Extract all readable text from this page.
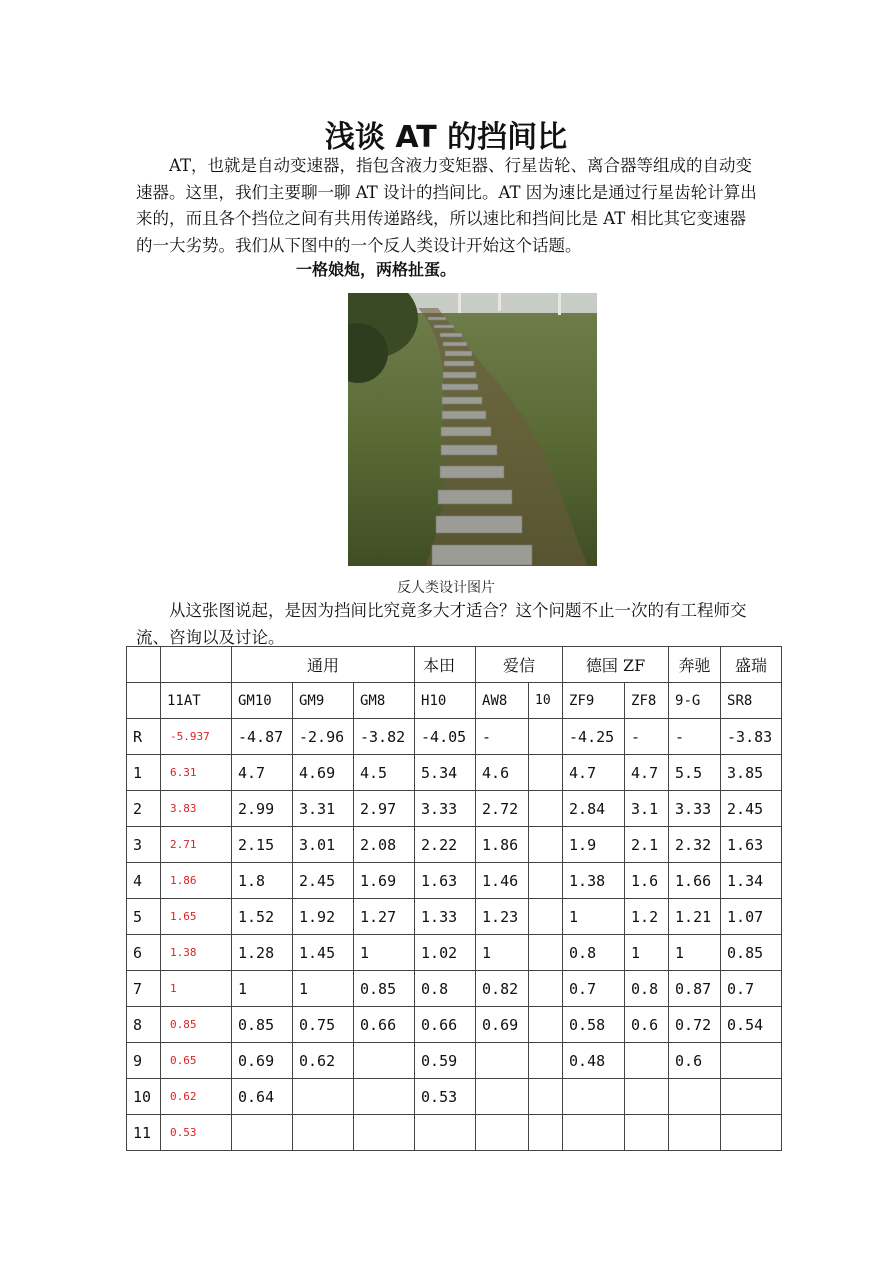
浅谈 AT 的挡间比

AT，也就是自动变速器，指包含液力变矩器、行星齿轮、离合器等组成的自动变速器。这里，我们主要聊一聊 AT 设计的挡间比。AT 因为速比是通过行星齿轮计算出来的，而且各个挡位之间有共用传递路线，所以速比和挡间比是 AT 相比其它变速器的一大劣势。我们从下图中的一个反人类设计开始这个话题。

一格娘炮，两格扯蛋。

反人类设计图片

从这张图说起，是因为挡间比究竟多大才适合？这个问题不止一次的有工程师交流、咨询以及讨论。

		通用			本田	爱信		德国 ZF		奔驰	盛瑞
	11AT	GM10	GM9	GM8	H10	AW8	10	ZF9	ZF8	9-G	SR8
R	-5.937	-4.87	-2.96	-3.82	-4.05	-		-4.25	-	-	-3.83
1	6.31	4.7	4.69	4.5	5.34	4.6		4.7	4.7	5.5	3.85
2	3.83	2.99	3.31	2.97	3.33	2.72		2.84	3.1	3.33	2.45
3	2.71	2.15	3.01	2.08	2.22	1.86		1.9	2.1	2.32	1.63
4	1.86	1.8	2.45	1.69	1.63	1.46		1.38	1.6	1.66	1.34
5	1.65	1.52	1.92	1.27	1.33	1.23		1	1.2	1.21	1.07
6	1.38	1.28	1.45	1	1.02	1		0.8	1	1	0.85
7	1	1	1	0.85	0.8	0.82		0.7	0.8	0.87	0.7
8	0.85	0.85	0.75	0.66	0.66	0.69		0.58	0.6	0.72	0.54
9	0.65	0.69	0.62		0.59			0.48		0.6	
10	0.62	0.64			0.53						
11	0.53										
